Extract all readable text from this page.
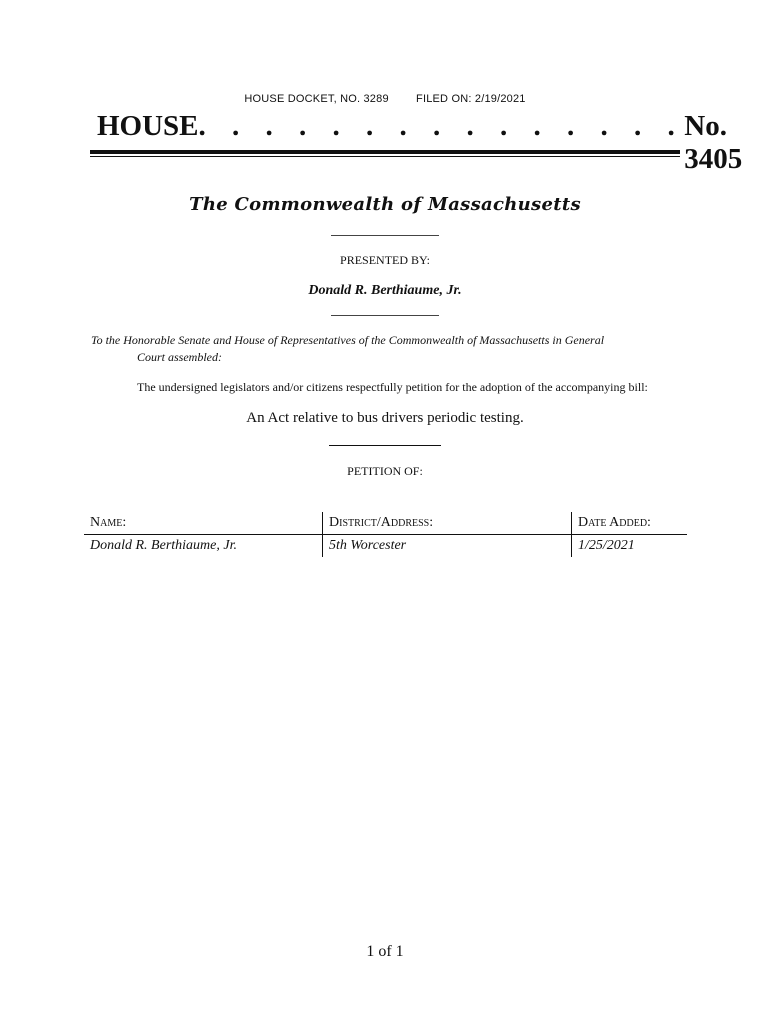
HOUSE DOCKET, NO. 3289 FILED ON: 2/19/2021
HOUSE . . . . . . . . . . . . . . . No. 3405
The Commonwealth of Massachusetts
PRESENTED BY:
Donald R. Berthiaume, Jr.
To the Honorable Senate and House of Representatives of the Commonwealth of Massachusetts in General
Court assembled:
The undersigned legislators and/or citizens respectfully petition for the adoption of the accompanying bill:
An Act relative to bus drivers periodic testing.
PETITION OF:
Name:	District/Address:	Date Added:
Donald R. Berthiaume, Jr.	5th Worcester	1/25/2021
1 of 1
